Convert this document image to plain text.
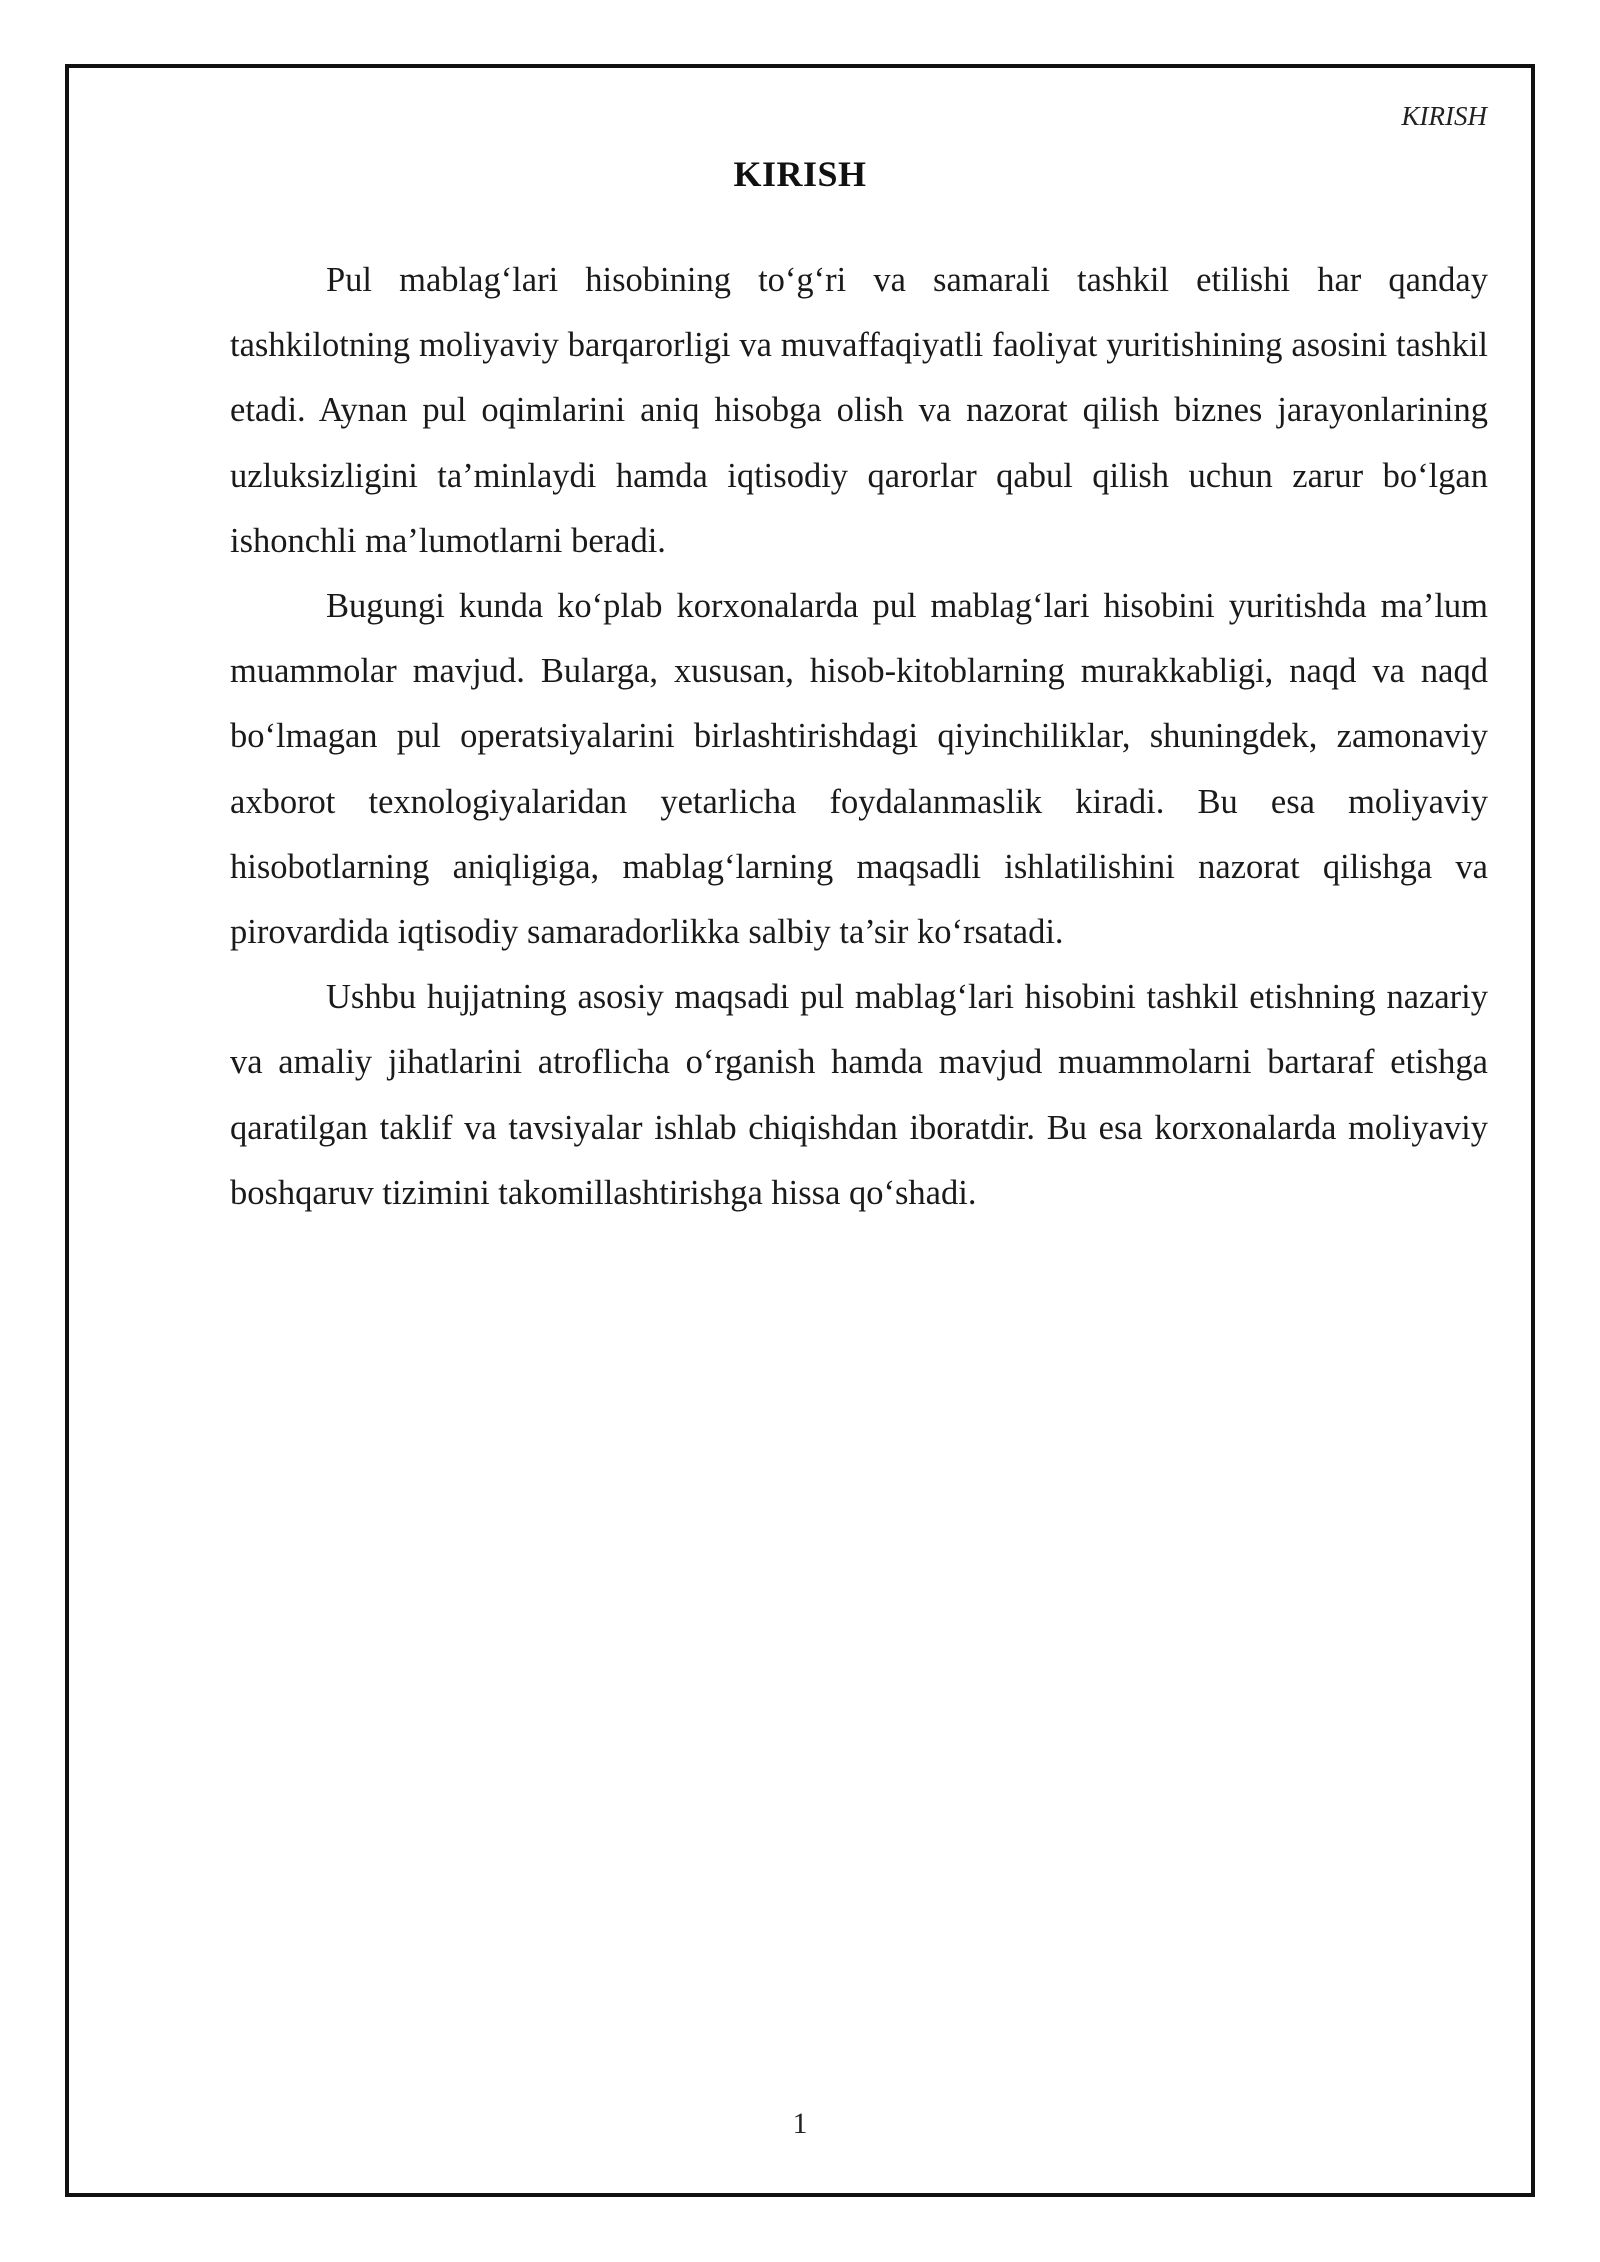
KIRISH
KIRISH

Pul mablag‘lari hisobining to‘g‘ri va samarali tashkil etilishi har qanday tashkilotning moliyaviy barqarorligi va muvaffaqiyatli faoliyat yuritishining asosini tashkil etadi. Aynan pul oqimlarini aniq hisobga olish va nazorat qilish biznes jarayonlarining uzluksizligini ta’minlaydi hamda iqtisodiy qarorlar qabul qilish uchun zarur bo‘lgan ishonchli ma’lumotlarni beradi.

Bugungi kunda ko‘plab korxonalarda pul mablag‘lari hisobini yuritishda ma’lum muammolar mavjud. Bularga, xususan, hisob-kitoblarning murakkabligi, naqd va naqd bo‘lmagan pul operatsiyalarini birlashtirishdagi qiyinchiliklar, shuningdek, zamonaviy axborot texnologiyalaridan yetarlicha foydalanmaslik kiradi. Bu esa moliyaviy hisobotlarning aniqligiga, mablag‘larning maqsadli ishlatilishini nazorat qilishga va pirovardida iqtisodiy samaradorlikka salbiy ta’sir ko‘rsatadi.

Ushbu hujjatning asosiy maqsadi pul mablag‘lari hisobini tashkil etishning nazariy va amaliy jihatlarini atroflicha o‘rganish hamda mavjud muammolarni bartaraf etishga qaratilgan taklif va tavsiyalar ishlab chiqishdan iboratdir. Bu esa korxonalarda moliyaviy boshqaruv tizimini takomillashtirishga hissa qo‘shadi.

1
